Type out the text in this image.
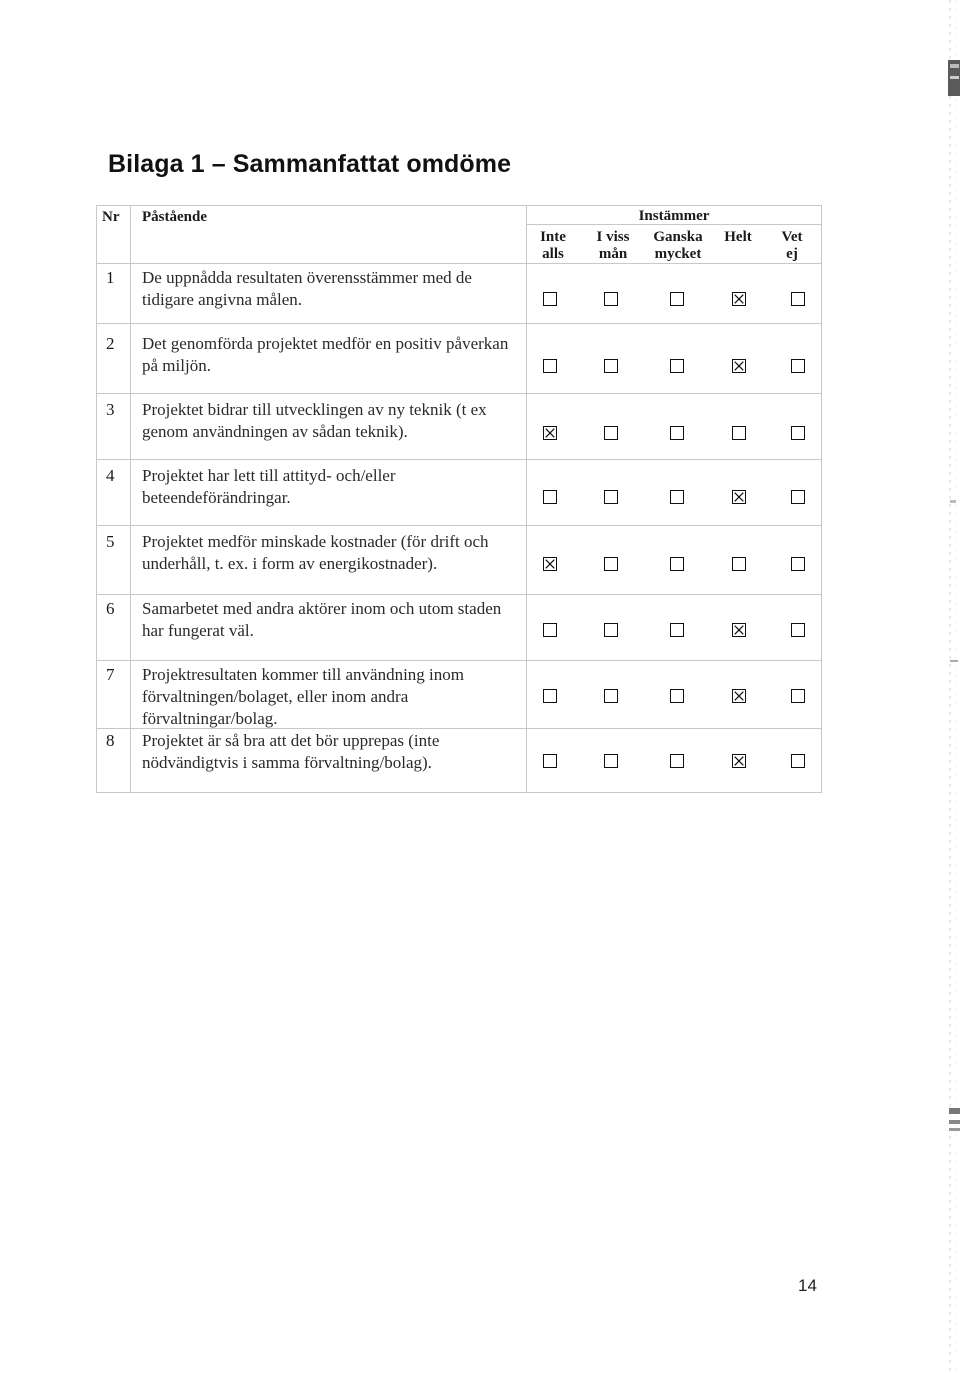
Bilaga 1 – Sammanfattat omdöme
Nr Påstående	Instämmer
Inte
alls
I viss
mån
Ganska
mycket
Helt	Vet
ej
1 De uppnådda resultaten överensstämmer med de tidigare angivna målen.
2 Det genomförda projektet medför en positiv påverkan på miljön.
3 Projektet bidrar till utvecklingen av ny teknik (t ex genom användningen av sådan teknik).
4 Projektet har lett till attityd- och/eller beteendeförändringar.
5 Projektet medför minskade kostnader (för drift och underhåll, t. ex. i form av energikostnader).
6 Samarbetet med andra aktörer inom och utom staden har fungerat väl.
7 Projektresultaten kommer till användning inom förvaltningen/bolaget, eller inom andra förvaltningar/bolag.
8 Projektet är så bra att det bör upprepas (inte nödvändigtvis i samma förvaltning/bolag).
14
